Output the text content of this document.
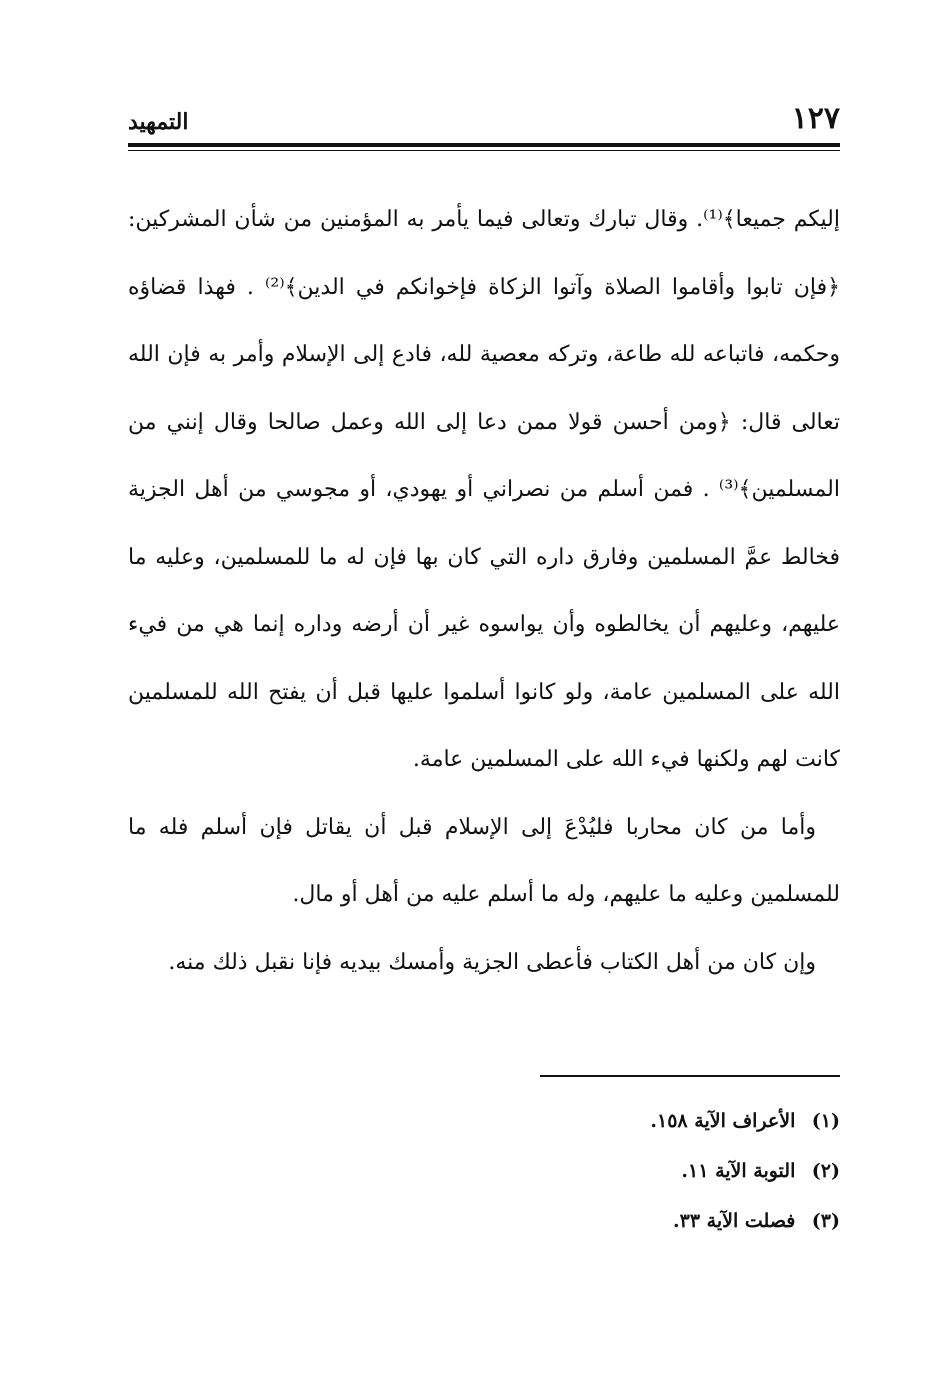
١٢٧
التمهيد

إليكم جميعا﴾⁽¹⁾. وقال تبارك وتعالى فيما يأمر به المؤمنين من شأن المشركين: ﴿فإن تابوا وأقاموا الصلاة وآتوا الزكاة فإخوانكم في الدين﴾⁽²⁾ . فهذا قضاؤه وحكمه، فاتباعه لله طاعة، وتركه معصية لله، فادع إلى الإسلام وأمر به فإن الله تعالى قال: ﴿ومن أحسن قولا ممن دعا إلى الله وعمل صالحا وقال إنني من المسلمين﴾⁽³⁾ . فمن أسلم من نصراني أو يهودي، أو مجوسي من أهل الجزية فخالط عمَّ المسلمين وفارق داره التي كان بها فإن له ما للمسلمين، وعليه ما عليهم، وعليهم أن يخالطوه وأن يواسوه غير أن أرضه وداره إنما هي من فيء الله على المسلمين عامة، ولو كانوا أسلموا عليها قبل أن يفتح الله للمسلمين كانت لهم ولكنها فيء الله على المسلمين عامة.

وأما من كان محاربا فليُدْعَ إلى الإسلام قبل أن يقاتل فإن أسلم فله ما للمسلمين وعليه ما عليهم، وله ما أسلم عليه من أهل أو مال.

وإن كان من أهل الكتاب فأعطى الجزية وأمسك بيديه فإنا نقبل ذلك منه.

(١) الأعراف الآية ١٥٨.
(٢) التوبة الآية ١١.
(٣) فصلت الآية ٣٣.
